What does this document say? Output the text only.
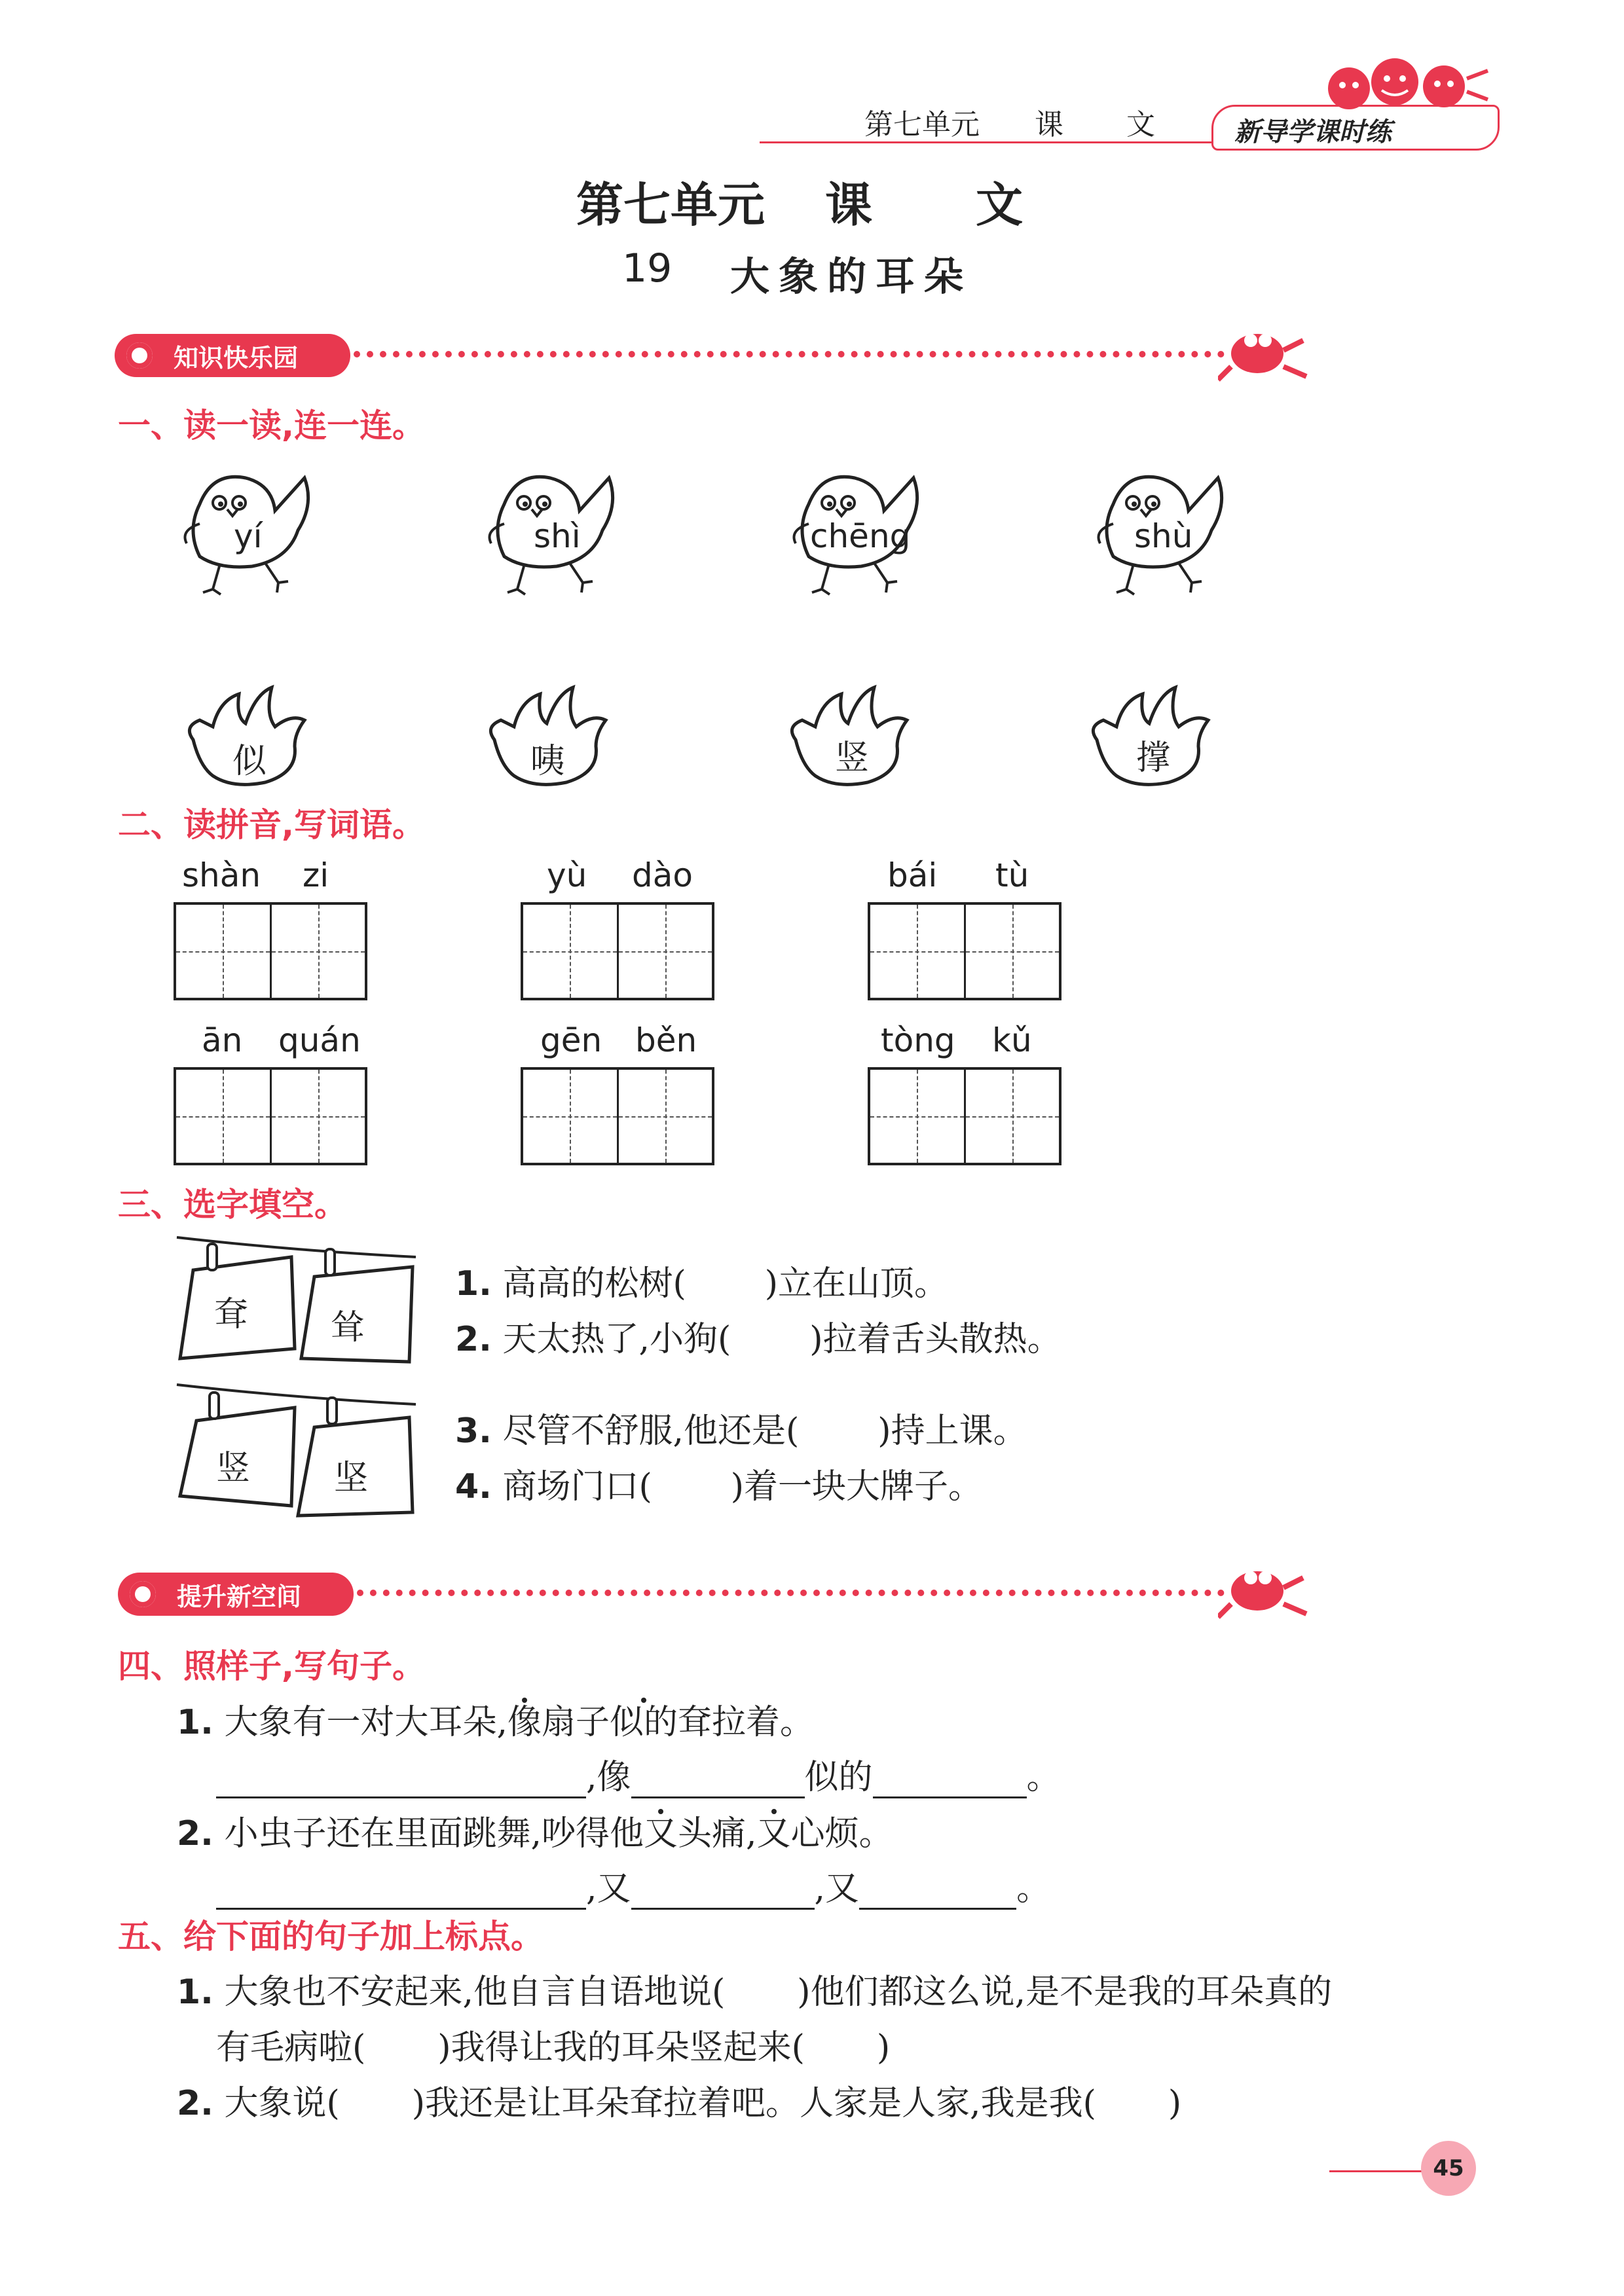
第七单元 课 文	新导学课时练
第七单元 课 文
19 大象的耳朵
知识快乐园
一、读一读,连一连。
yí	shì	chēng	shù
似	咦	竖	撑
二、读拼音,写词语。
shàn zi	yù dào	bái tù
ān quán	gēn běn	tòng kǔ
三、选字填空。
耷 耸
竖 坚
1. 高高的松树( )立在山顶。
2. 天太热了,小狗( )拉着舌头散热。
3. 尽管不舒服,他还是( )持上课。
4. 商场门口( )着一块大牌子。
提升新空间
四、照样子,写句子。
1. 大象有一对大耳朵,像扇子似的耷拉着。
,像	似的	。
2. 小虫子还在里面跳舞,吵得他又头痛,又心烦。
,又	,又	。
五、给下面的句子加上标点。
1. 大象也不安起来,他自言自语地说( )他们都这么说,是不是我的耳朵真的
有毛病啦( )我得让我的耳朵竖起来( )
2. 大象说( )我还是让耳朵耷拉着吧。人家是人家,我是我( )
45
